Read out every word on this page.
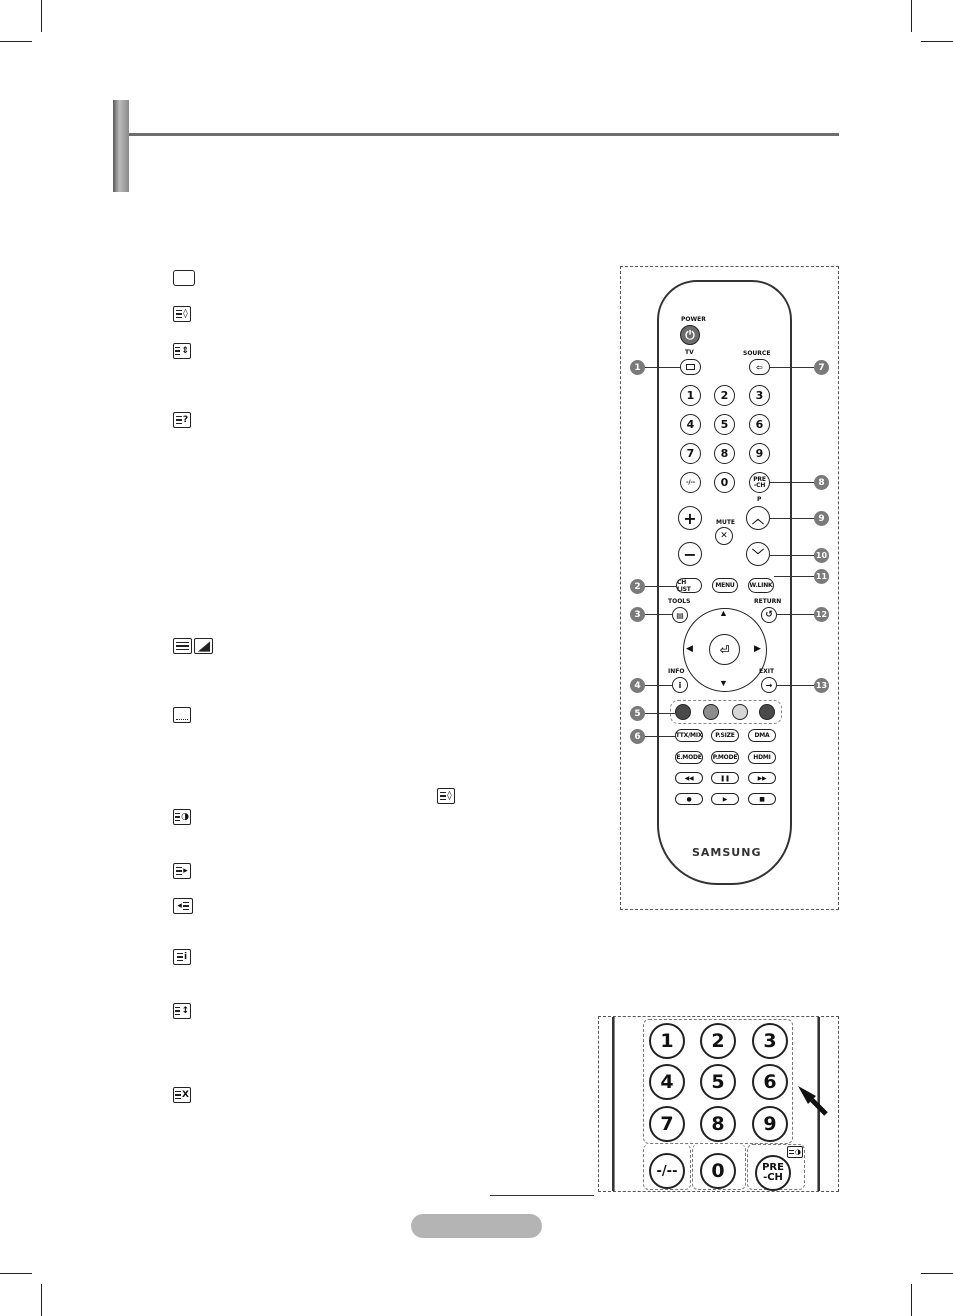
◊
⇕
?
◊
◑
▸
◂
i
↕
X
POWER
⏻
TV	SOURCE
⇦
1	2	3
4	5	6
7	8	9
-/--	0	PRE
-CH
+
−
MUTE
✕
P
︿
﹀
CH LIST	MENU	W.LINK
TOOLS
▤
RETURN
↺
▲
▼
◀	▶
⏎
INFO
i
EXIT
→
TTX/MIX	P.SIZE	DMA
E.MODE P.MODE	HDMI
◀◀	❚❚	▶▶
●	▶	■
SAMSUNG
1
2
3
4
5
6
7
8
9
10
11
12
13
1	2	3
4	5	6
7	8	9
-/--	0	PRE
-CH
◑
